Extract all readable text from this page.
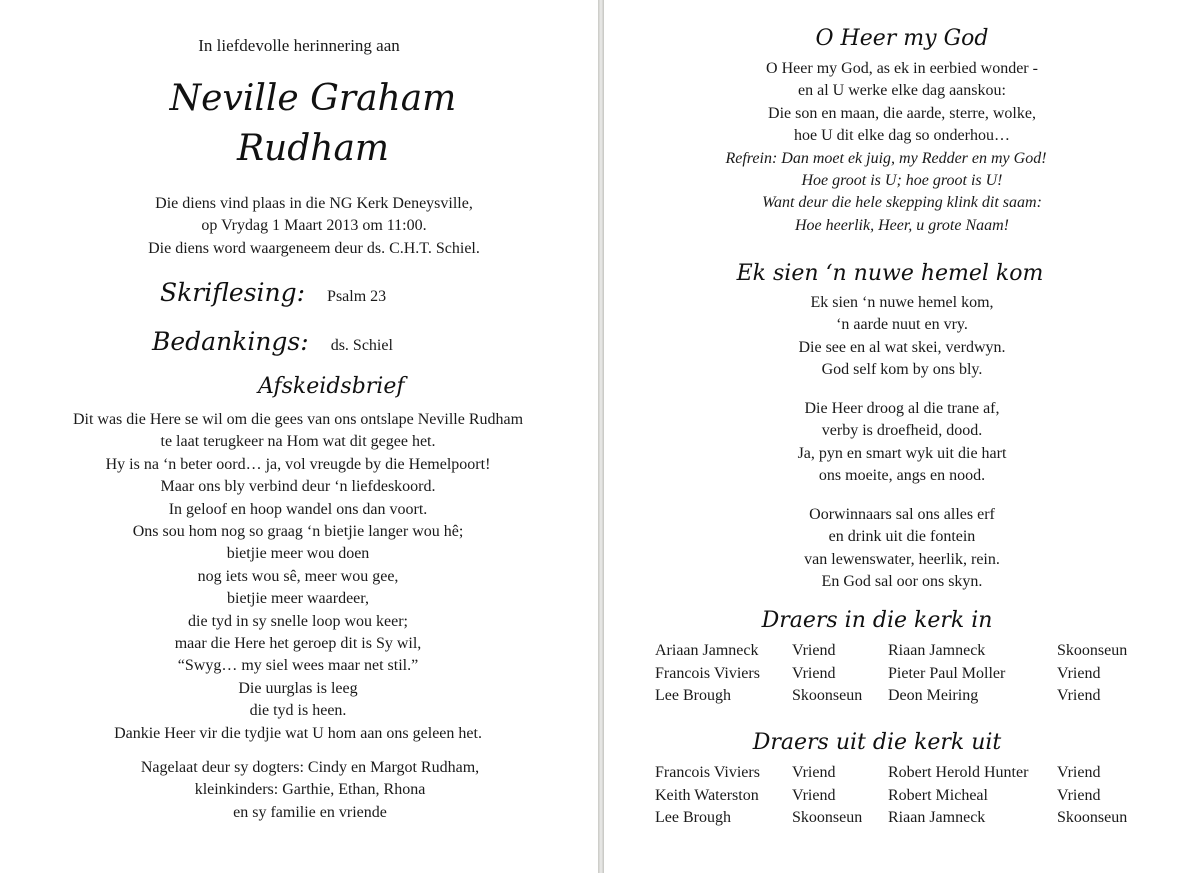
In liefdevolle herinnering aan
Neville Graham
Rudham
Die diens vind plaas in die NG Kerk Deneysville,
op Vrydag 1 Maart 2013 om 11:00.
Die diens word waargeneem deur ds. C.H.T. Schiel.
Skriflesing: Psalm 23
Bedankings: ds. Schiel
Afskeidsbrief
Dit was die Here se wil om die gees van ons ontslape Neville Rudham
te laat terugkeer na Hom wat dit gegee het.
Hy is na ‘n beter oord… ja, vol vreugde by die Hemelpoort!
Maar ons bly verbind deur ‘n liefdeskoord.
In geloof en hoop wandel ons dan voort.
Ons sou hom nog so graag ‘n bietjie langer wou hê;
bietjie meer wou doen
nog iets wou sê, meer wou gee,
bietjie meer waardeer,
die tyd in sy snelle loop wou keer;
maar die Here het geroep dit is Sy wil,
“Swyg… my siel wees maar net stil.”
Die uurglas is leeg
die tyd is heen.
Dankie Heer vir die tydjie wat U hom aan ons geleen het.
Nagelaat deur sy dogters: Cindy en Margot Rudham,
kleinkinders: Garthie, Ethan, Rhona
en sy familie en vriende
O Heer my God
O Heer my God, as ek in eerbied wonder -
en al U werke elke dag aanskou:
Die son en maan, die aarde, sterre, wolke,
hoe U dit elke dag so onderhou…
Refrein: Dan moet ek juig, my Redder en my God!
Hoe groot is U; hoe groot is U!
Want deur die hele skepping klink dit saam:
Hoe heerlik, Heer, u grote Naam!
Ek sien ‘n nuwe hemel kom
Ek sien ‘n nuwe hemel kom,
‘n aarde nuut en vry.
Die see en al wat skei, verdwyn.
God self kom by ons bly.
Die Heer droog al die trane af,
verby is droefheid, dood.
Ja, pyn en smart wyk uit die hart
ons moeite, angs en nood.
Oorwinnaars sal ons alles erf
en drink uit die fontein
van lewenswater, heerlik, rein.
En God sal oor ons skyn.
Draers in die kerk in
Ariaan Jamneck	Vriend	Riaan Jamneck	Skoonseun
Francois Viviers	Vriend	Pieter Paul Moller	Vriend
Lee Brough	Skoonseun	Deon Meiring	Vriend
Draers uit die kerk uit
Francois Viviers	Vriend	Robert Herold Hunter	Vriend
Keith Waterston	Vriend	Robert Micheal	Vriend
Lee Brough	Skoonseun	Riaan Jamneck	Skoonseun
